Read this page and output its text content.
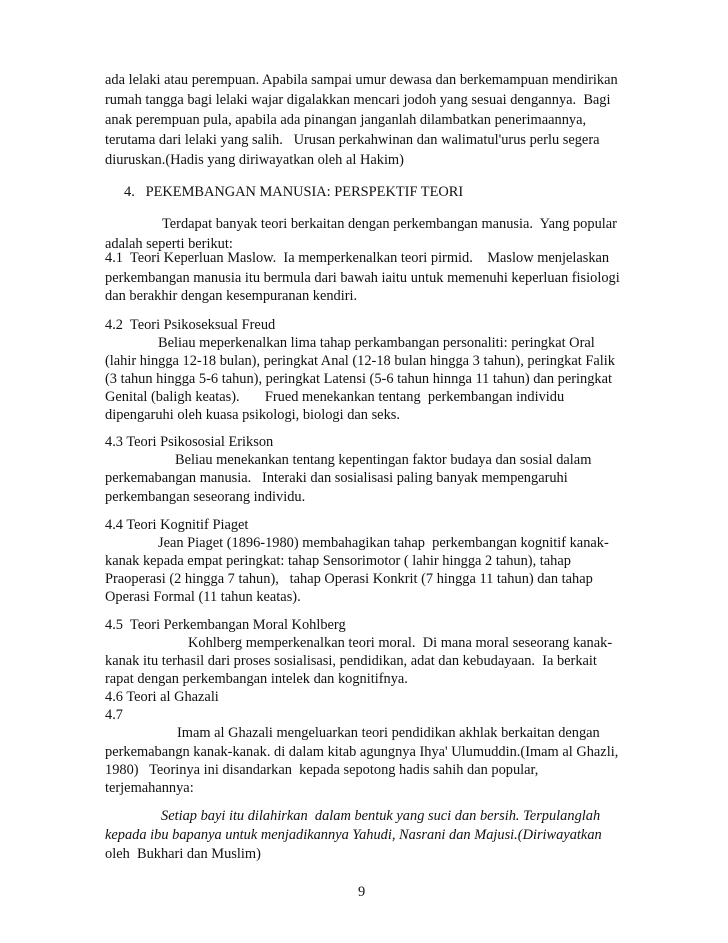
ada lelaki atau perempuan. Apabila sampai umur dewasa dan berkemampuan mendirikan
rumah tangga bagi lelaki wajar digalakkan mencari jodoh yang sesuai dengannya.  Bagi
anak perempuan pula, apabila ada pinangan janganlah dilambatkan penerimaannya,
terutama dari lelaki yang salih.   Urusan perkahwinan dan walimatul'urus perlu segera
diuruskan.(Hadis yang diriwayatkan oleh al Hakim)
4.   PEKEMBANGAN MANUSIA: PERSPEKTIF TEORI
Terdapat banyak teori berkaitan dengan perkembangan manusia.  Yang popular
adalah seperti berikut:
4.1  Teori Keperluan Maslow.  Ia memperkenalkan teori pirmid.    Maslow menjelaskan
perkembangan manusia itu bermula dari bawah iaitu untuk memenuhi keperluan fisiologi
dan berakhir dengan kesempuranan kendiri.
4.2  Teori Psikoseksual Freud
Beliau meperkenalkan lima tahap perkambangan personaliti: peringkat Oral
(lahir hingga 12-18 bulan), peringkat Anal (12-18 bulan hingga 3 tahun), peringkat Falik
(3 tahun hingga 5-6 tahun), peringkat Latensi (5-6 tahun hinnga 11 tahun) dan peringkat
Genital (baligh keatas).       Frued menekankan tentang  perkembangan individu
dipengaruhi oleh kuasa psikologi, biologi dan seks.
4.3 Teori Psikososial Erikson
Beliau menekankan tentang kepentingan faktor budaya dan sosial dalam
perkemabangan manusia.   Interaki dan sosialisasi paling banyak mempengaruhi
perkembangan seseorang individu.
4.4 Teori Kognitif Piaget
Jean Piaget (1896-1980) membahagikan tahap  perkembangan kognitif kanak-
kanak kepada empat peringkat: tahap Sensorimotor ( lahir hingga 2 tahun), tahap
Praoperasi (2 hingga 7 tahun),   tahap Operasi Konkrit (7 hingga 11 tahun) dan tahap
Operasi Formal (11 tahun keatas).
4.5  Teori Perkembangan Moral Kohlberg
Kohlberg memperkenalkan teori moral.  Di mana moral seseorang kanak-
kanak itu terhasil dari proses sosialisasi, pendidikan, adat dan kebudayaan.  Ia berkait
rapat dengan perkembangan intelek dan kognitifnya.
4.6 Teori al Ghazali
4.7
Imam al Ghazali mengeluarkan teori pendidikan akhlak berkaitan dengan
perkemabangn kanak-kanak. di dalam kitab agungnya Ihya' Ulumuddin.(Imam al Ghazli,
1980)   Teorinya ini disandarkan  kepada sepotong hadis sahih dan popular,
terjemahannya:
Setiap bayi itu dilahirkan  dalam bentuk yang suci dan bersih. Terpulanglah
kepada ibu bapanya untuk menjadikannya Yahudi, Nasrani dan Majusi.(Diriwayatkan
oleh  Bukhari dan Muslim)
9
